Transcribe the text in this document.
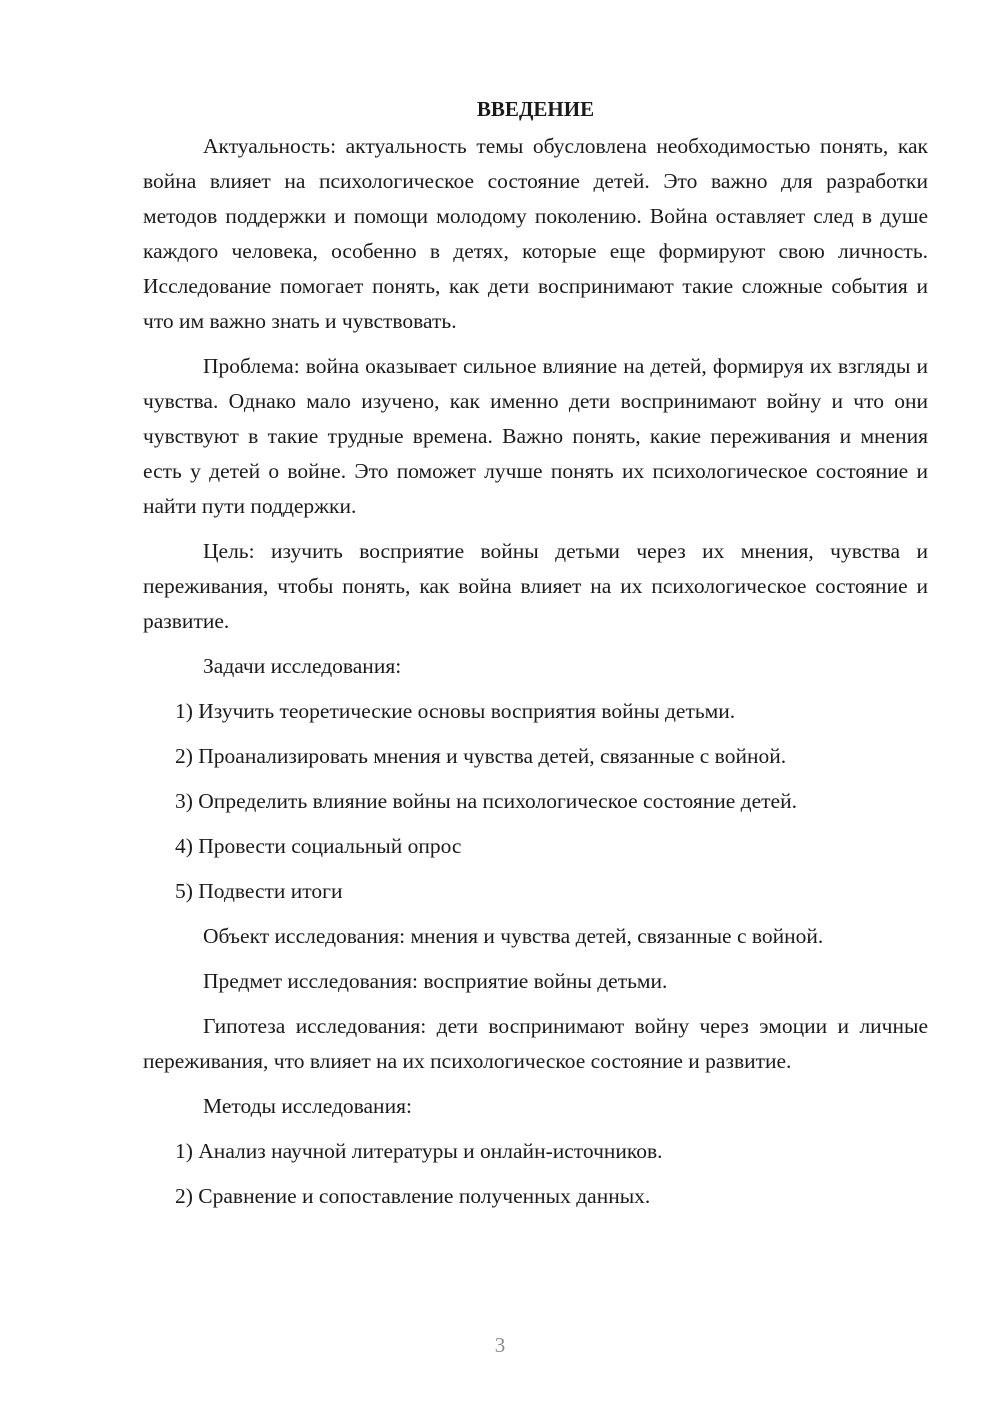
ВВЕДЕНИЕ

Актуальность: актуальность темы обусловлена необходимостью понять, как война влияет на психологическое состояние детей. Это важно для разработки методов поддержки и помощи молодому поколению. Война оставляет след в душе каждого человека, особенно в детях, которые еще формируют свою личность. Исследование помогает понять, как дети воспринимают такие сложные события и что им важно знать и чувствовать.

Проблема: война оказывает сильное влияние на детей, формируя их взгляды и чувства. Однако мало изучено, как именно дети воспринимают войну и что они чувствуют в такие трудные времена. Важно понять, какие переживания и мнения есть у детей о войне. Это поможет лучше понять их психологическое состояние и найти пути поддержки.

Цель: изучить восприятие войны детьми через их мнения, чувства и переживания, чтобы понять, как война влияет на их психологическое состояние и развитие.

Задачи исследования:
1) Изучить теоретические основы восприятия войны детьми.
2) Проанализировать мнения и чувства детей, связанные с войной.
3) Определить влияние войны на психологическое состояние детей.
4) Провести социальный опрос
5) Подвести итоги
Объект исследования: мнения и чувства детей, связанные с войной.
Предмет исследования: восприятие войны детьми.

Гипотеза исследования: дети воспринимают войну через эмоции и личные переживания, что влияет на их психологическое состояние и развитие.

Методы исследования:
1) Анализ научной литературы и онлайн-источников.
2) Сравнение и сопоставление полученных данных.
3
